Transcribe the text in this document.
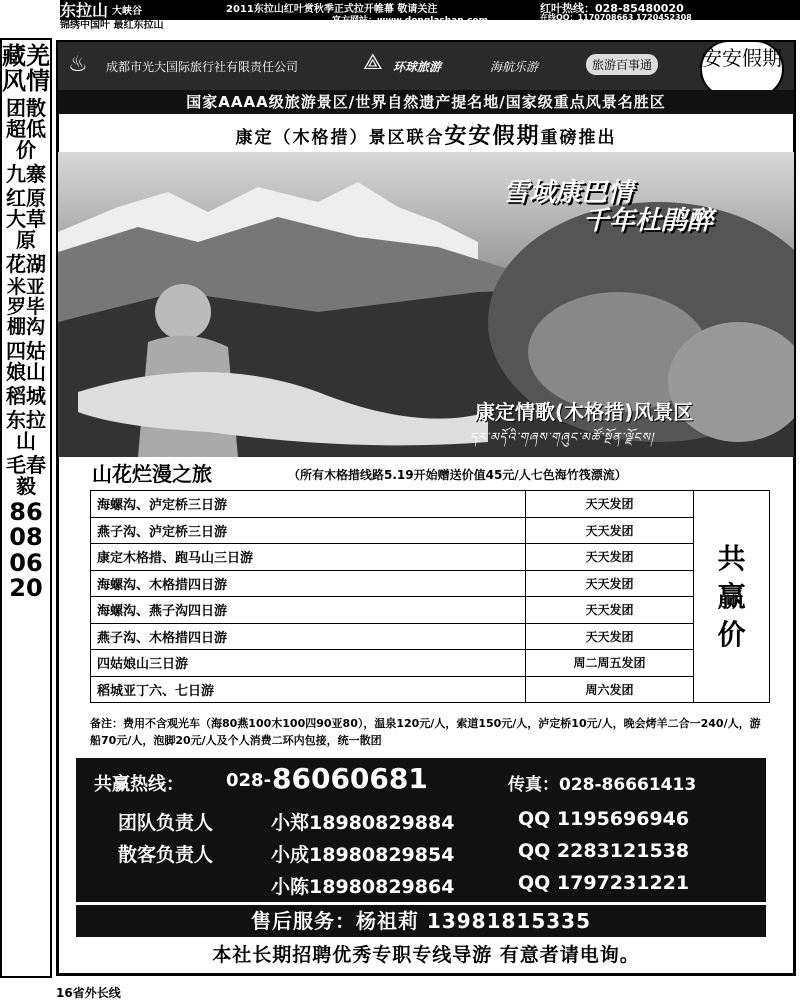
东拉山 大峡谷
锦绣中国叶 最红东拉山
2011东拉山红叶赏秋季正式拉开帷幕 敬请关注
官方网站：www.donglashan.com
红叶热线：028-85480020
在线QQ：1170708663 1720452308
藏羌风情
团散超低价
九寨
红原大草原
花湖
米亚罗毕棚沟
四姑娘山
稻城
东拉山
毛春毅
86080620
♨ 成都市光大国际旅行社有限责任公司	⟁ 环球旅游	海航乐游	旅游百事通	安安假期
国家AAAA级旅游景区/世界自然遗产提名地/国家级重点风景名胜区
康定（木格措）景区联合安安假期重磅推出
雪域康巴情
千年杜鹃醉
康定情歌(木格措)风景区
དར་མདོའི་གཞས་གཞུང་མཚོ་སྔོན་ལྗོངས།
山花烂漫之旅	（所有木格措线路5.19开始赠送价值45元/人七色海竹筏漂流）
海螺沟、泸定桥三日游	天天发团	共赢价

燕子沟、泸定桥三日游	天天发团	
康定木格措、跑马山三日游	天天发团	
海螺沟、木格措四日游	天天发团	
海螺沟、燕子沟四日游	天天发团	
燕子沟、木格措四日游	天天发团	
四姑娘山三日游	周二周五发团	
稻城亚丁六、七日游	周六发团	
备注：费用不含观光车（海80燕100木100四90亚80），温泉120元/人，索道150元/人，泸定桥10元/人，晚会烤羊二合一240/人，游船70元/人，泡脚20元/人及个人消费二环内包接，统一散团
共赢热线： 028- 86060681	传真：028-86661413
团队负责人	小郑18980829884	QQ 1195696946
散客负责人	小成18980829854	QQ 2283121538
小陈18980829864	QQ 1797231221
售后服务：杨祖莉 13981815335
本社长期招聘优秀专职专线导游 有意者请电询。
16省外长线
